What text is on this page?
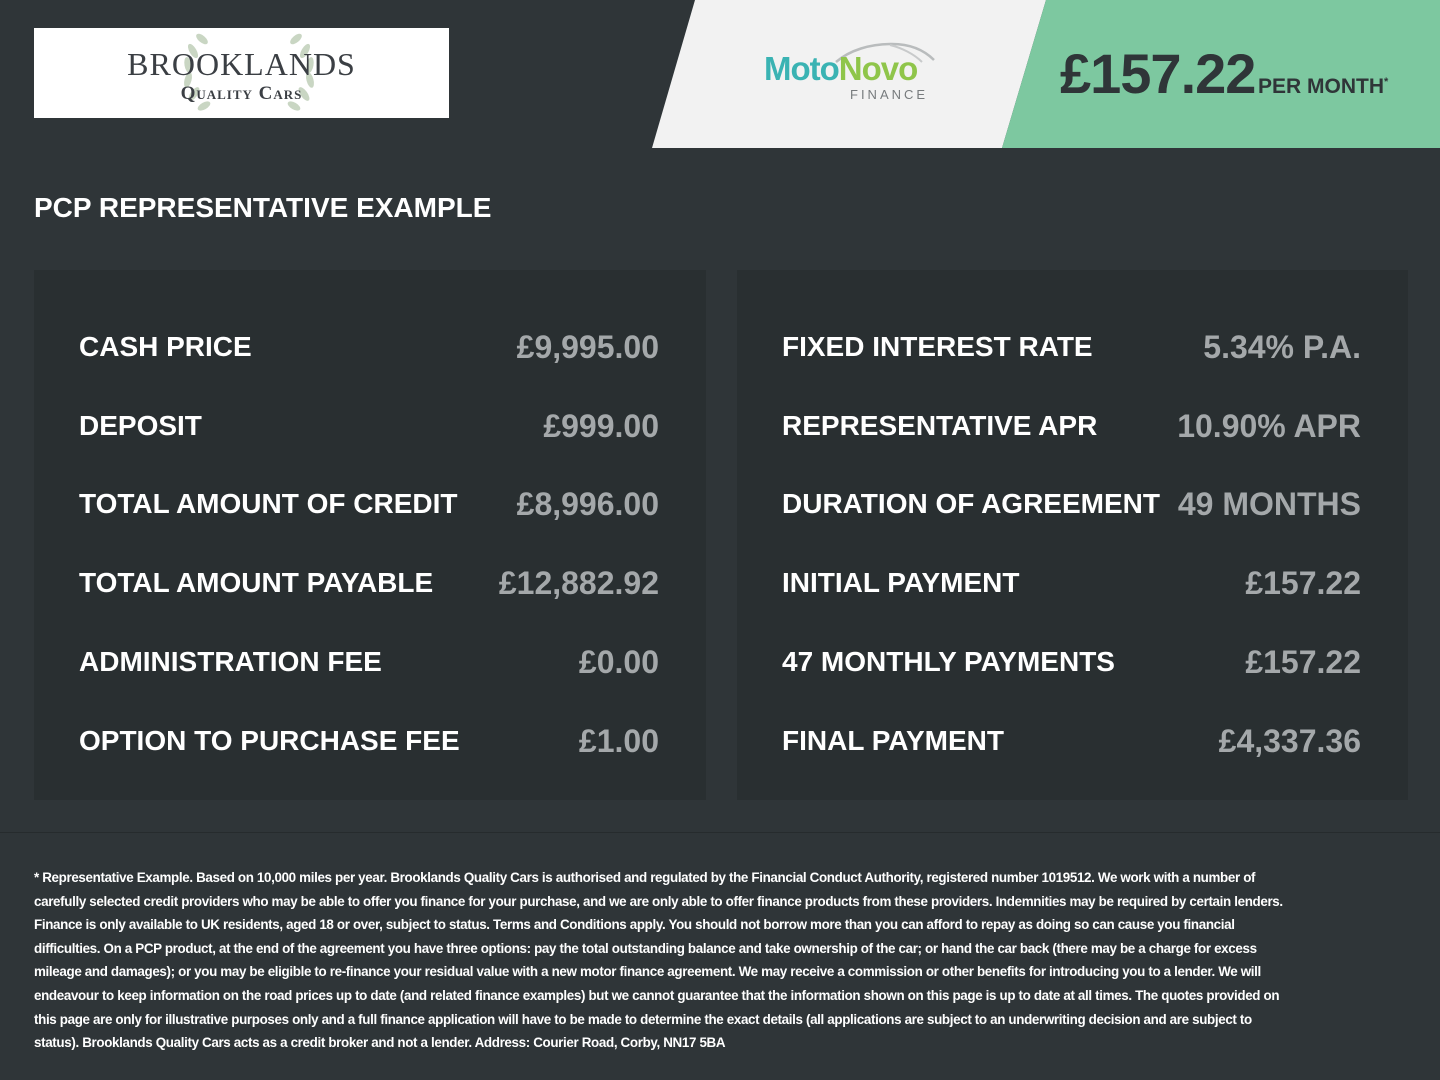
BROOKLANDS
Quality Cars
MotoNovo
FINANCE £157.22 PER MONTH*
PCP REPRESENTATIVE EXAMPLE
CASH PRICE	£9,995.00
DEPOSIT	£999.00
TOTAL AMOUNT OF CREDIT £8,996.00
TOTAL AMOUNT PAYABLE £12,882.92
ADMINISTRATION FEE	£0.00
OPTION TO PURCHASE FEE	£1.00
FIXED INTEREST RATE	5.34% P.A.
REPRESENTATIVE APR 10.90% APR
DURATION OF AGREEMENT 49 MONTHS
INITIAL PAYMENT	£157.22
47 MONTHLY PAYMENTS	£157.22
FINAL PAYMENT	£4,337.36
* Representative Example. Based on 10,000 miles per year. Brooklands Quality Cars is authorised and regulated by the Financial Conduct Authority, registered number 1019512. We work with a number of carefully selected credit providers who may be able to offer you finance for your purchase, and we are only able to offer finance products from these providers. Indemnities may be required by certain lenders. Finance is only available to UK residents, aged 18 or over, subject to status. Terms and Conditions apply. You should not borrow more than you can afford to repay as doing so can cause you financial difficulties. On a PCP product, at the end of the agreement you have three options: pay the total outstanding balance and take ownership of the car; or hand the car back (there may be a charge for excess mileage and damages); or you may be eligible to re-finance your residual value with a new motor finance agreement. We may receive a commission or other benefits for introducing you to a lender. We will endeavour to keep information on the road prices up to date (and related finance examples) but we cannot guarantee that the information shown on this page is up to date at all times. The quotes provided on this page are only for illustrative purposes only and a full finance application will have to be made to determine the exact details (all applications are subject to an underwriting decision and are subject to status). Brooklands Quality Cars acts as a credit broker and not a lender. Address: Courier Road, Corby, NN17 5BA
